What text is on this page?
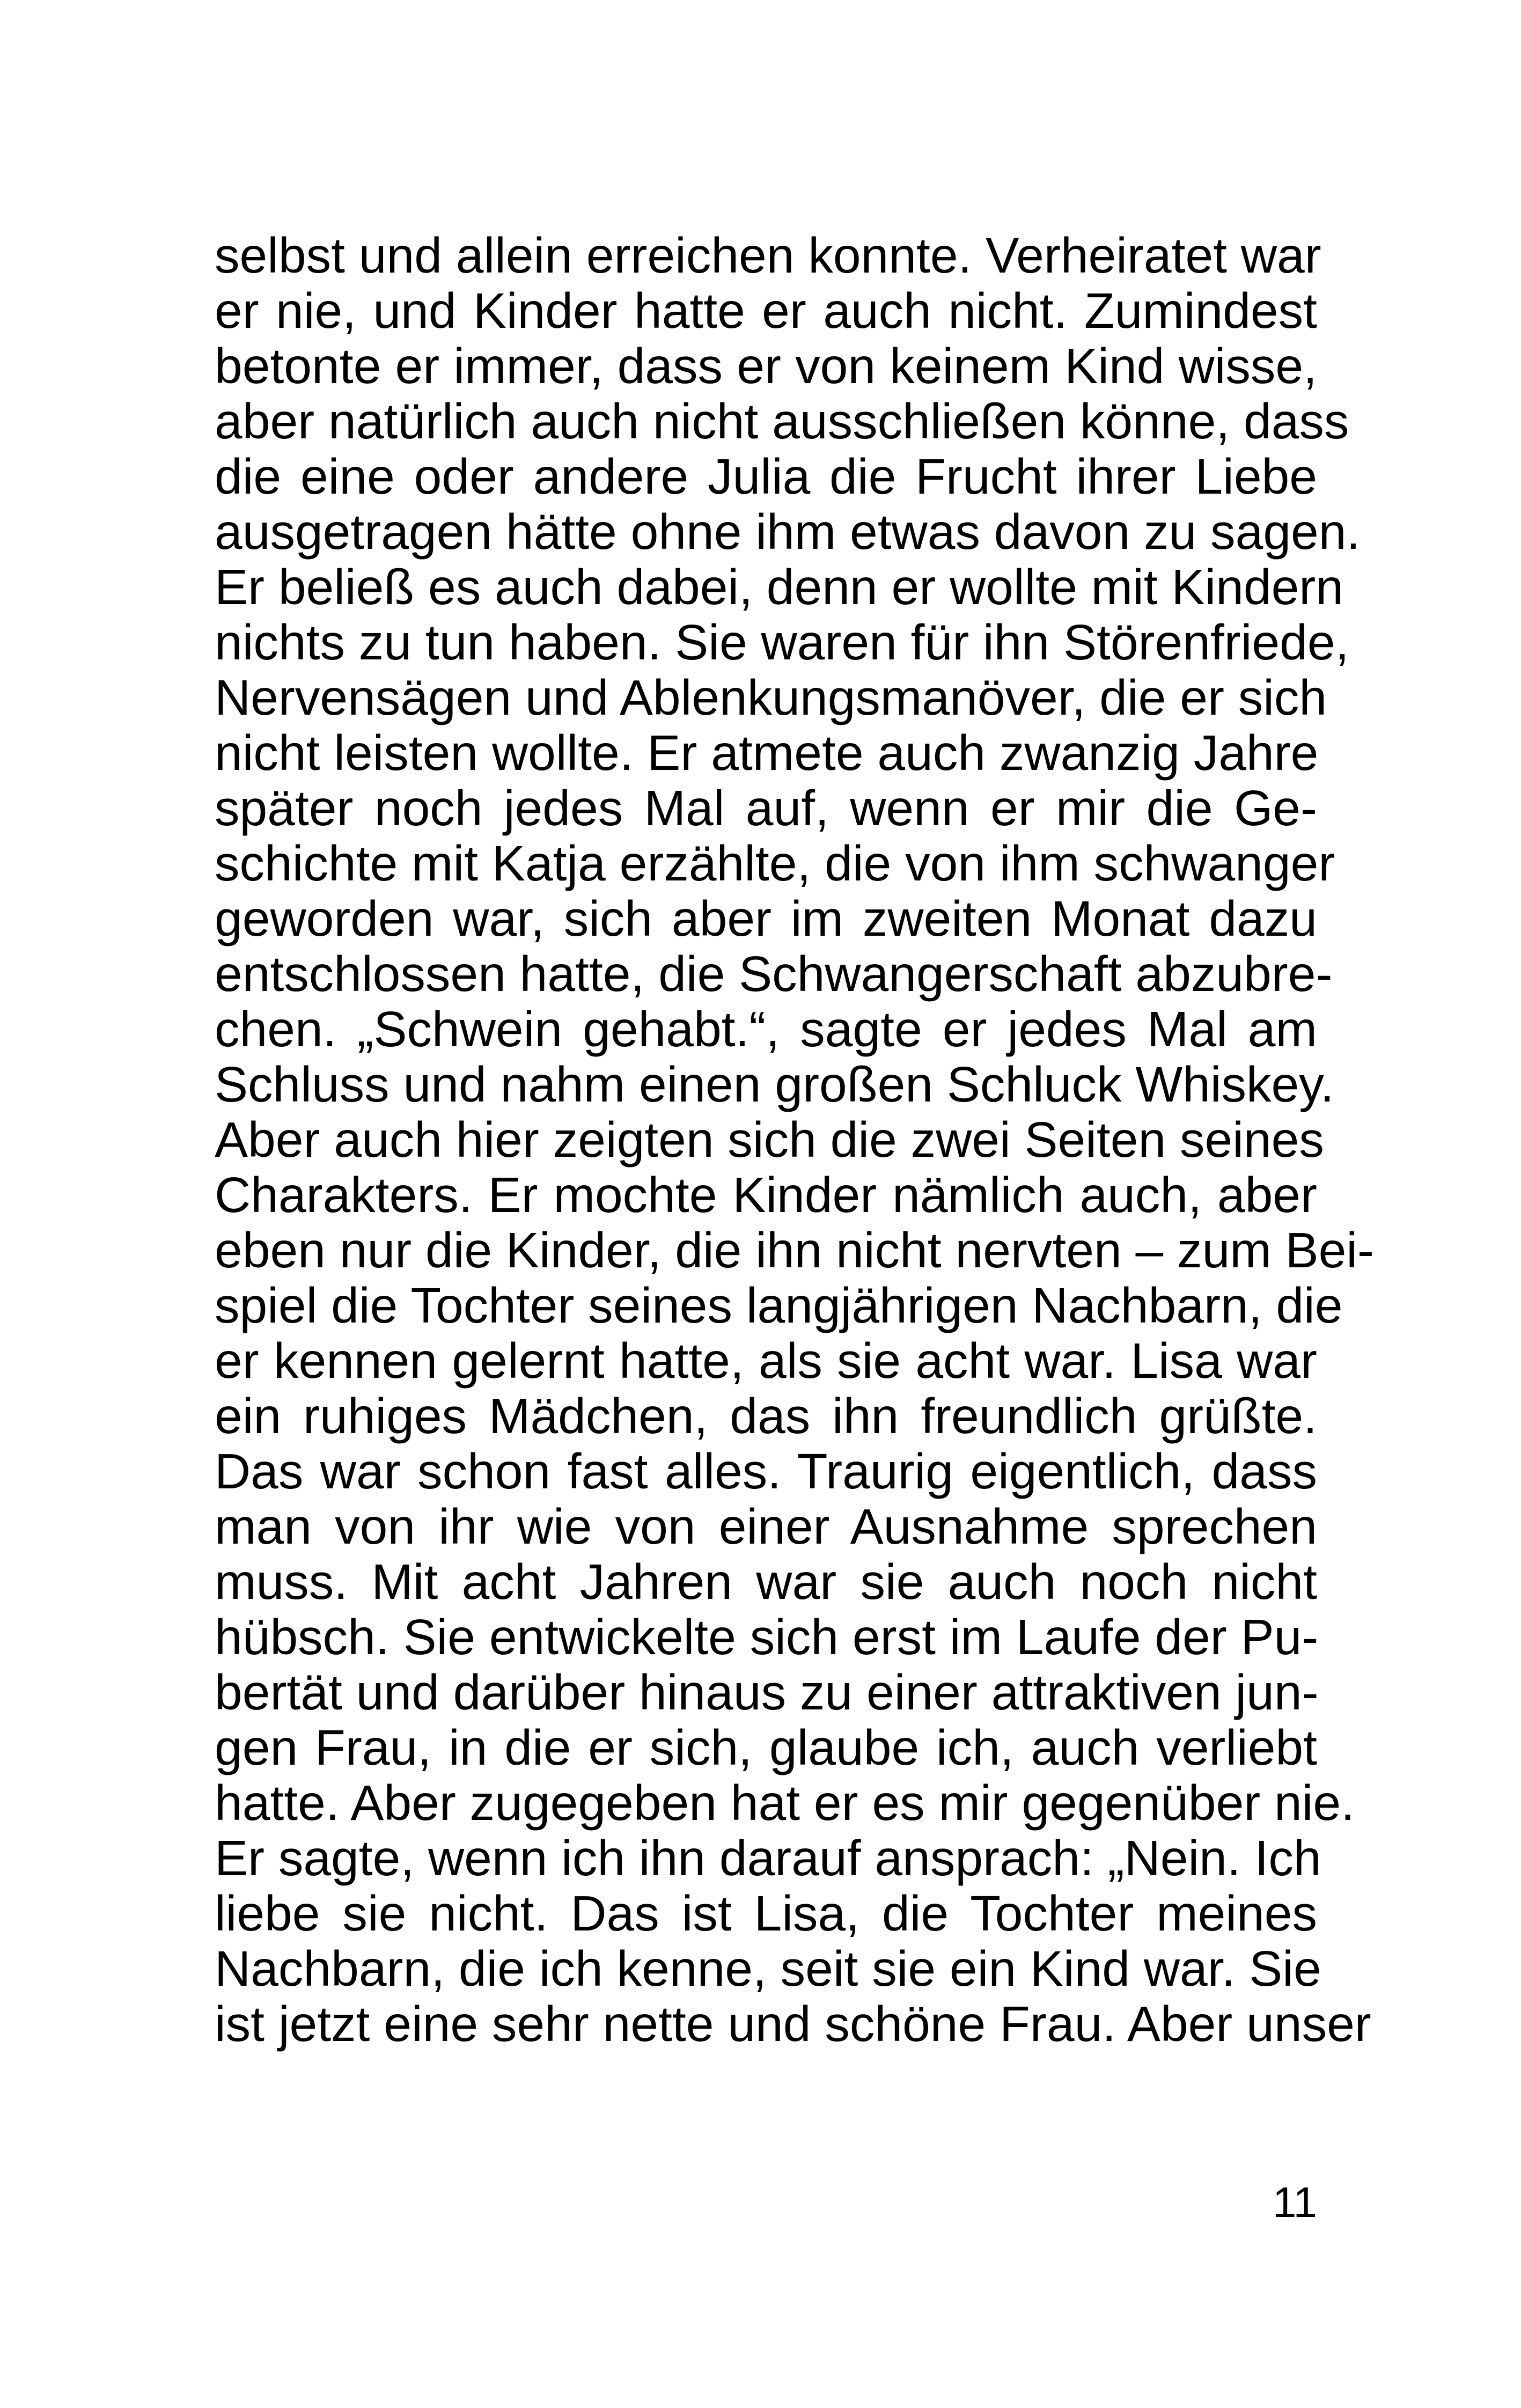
selbst und allein erreichen konnte. Verheiratet war
er nie, und Kinder hatte er auch nicht. Zumindest
betonte er immer, dass er von keinem Kind wisse,
aber natürlich auch nicht ausschließen könne, dass
die eine oder andere Julia die Frucht ihrer Liebe
ausgetragen hätte ohne ihm etwas davon zu sagen.
Er beließ es auch dabei, denn er wollte mit Kindern
nichts zu tun haben. Sie waren für ihn Störenfriede,
Nervensägen und Ablenkungsmanöver, die er sich
nicht leisten wollte. Er atmete auch zwanzig Jahre
später noch jedes Mal auf, wenn er mir die Ge-
schichte mit Katja erzählte, die von ihm schwanger
geworden war, sich aber im zweiten Monat dazu
entschlossen hatte, die Schwangerschaft abzubre-
chen. „Schwein gehabt.“, sagte er jedes Mal am
Schluss und nahm einen großen Schluck Whiskey.
Aber auch hier zeigten sich die zwei Seiten seines
Charakters. Er mochte Kinder nämlich auch, aber
eben nur die Kinder, die ihn nicht nervten – zum Bei-
spiel die Tochter seines langjährigen Nachbarn, die
er kennen gelernt hatte, als sie acht war. Lisa war
ein ruhiges Mädchen, das ihn freundlich grüßte.
Das war schon fast alles. Traurig eigentlich, dass
man von ihr wie von einer Ausnahme sprechen
muss. Mit acht Jahren war sie auch noch nicht
hübsch. Sie entwickelte sich erst im Laufe der Pu-
bertät und darüber hinaus zu einer attraktiven jun-
gen Frau, in die er sich, glaube ich, auch verliebt
hatte. Aber zugegeben hat er es mir gegenüber nie.
Er sagte, wenn ich ihn darauf ansprach: „Nein. Ich
liebe sie nicht. Das ist Lisa, die Tochter meines
Nachbarn, die ich kenne, seit sie ein Kind war. Sie
ist jetzt eine sehr nette und schöne Frau. Aber unser
11
